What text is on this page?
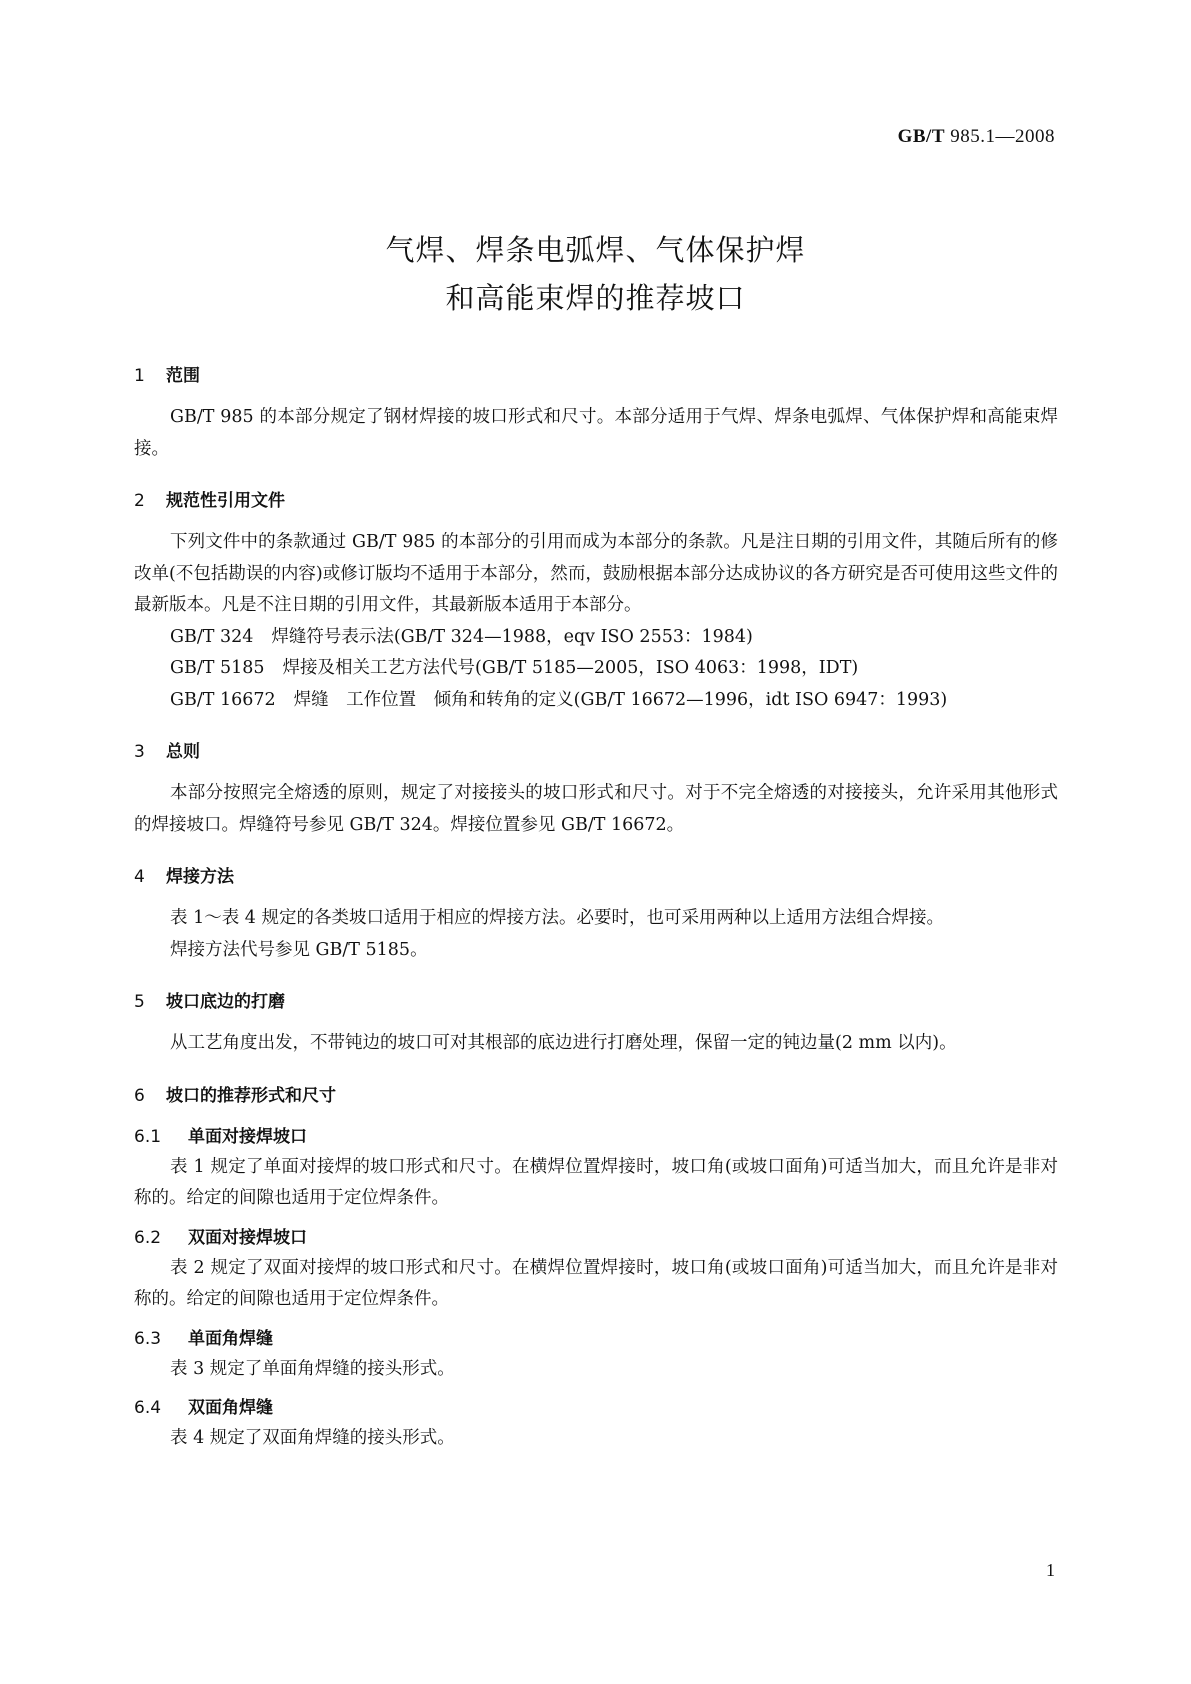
GB/T 985.1—2008
气焊、焊条电弧焊、气体保护焊
和高能束焊的推荐坡口
1 范围

GB/T 985 的本部分规定了钢材焊接的坡口形式和尺寸。本部分适用于气焊、焊条电弧焊、气体保护焊和高能束焊接。

2 规范性引用文件

下列文件中的条款通过 GB/T 985 的本部分的引用而成为本部分的条款。凡是注日期的引用文件，其随后所有的修改单(不包括勘误的内容)或修订版均不适用于本部分，然而，鼓励根据本部分达成协议的各方研究是否可使用这些文件的最新版本。凡是不注日期的引用文件，其最新版本适用于本部分。

GB/T 324 焊缝符号表示法(GB/T 324—1988，eqv ISO 2553：1984)

GB/T 5185 焊接及相关工艺方法代号(GB/T 5185—2005，ISO 4063：1998，IDT)

GB/T 16672 焊缝　工作位置　倾角和转角的定义(GB/T 16672—1996，idt ISO 6947：1993)

3 总则

本部分按照完全熔透的原则，规定了对接接头的坡口形式和尺寸。对于不完全熔透的对接接头，允许采用其他形式的焊接坡口。焊缝符号参见 GB/T 324。焊接位置参见 GB/T 16672。

4 焊接方法

表 1～表 4 规定的各类坡口适用于相应的焊接方法。必要时，也可采用两种以上适用方法组合焊接。

焊接方法代号参见 GB/T 5185。

5 坡口底边的打磨

从工艺角度出发，不带钝边的坡口可对其根部的底边进行打磨处理，保留一定的钝边量(2 mm 以内)。

6 坡口的推荐形式和尺寸
6.1 单面对接焊坡口

表 1 规定了单面对接焊的坡口形式和尺寸。在横焊位置焊接时，坡口角(或坡口面角)可适当加大，而且允许是非对称的。给定的间隙也适用于定位焊条件。

6.2 双面对接焊坡口

表 2 规定了双面对接焊的坡口形式和尺寸。在横焊位置焊接时，坡口角(或坡口面角)可适当加大，而且允许是非对称的。给定的间隙也适用于定位焊条件。

6.3 单面角焊缝

表 3 规定了单面角焊缝的接头形式。

6.4 双面角焊缝

表 4 规定了双面角焊缝的接头形式。

1
